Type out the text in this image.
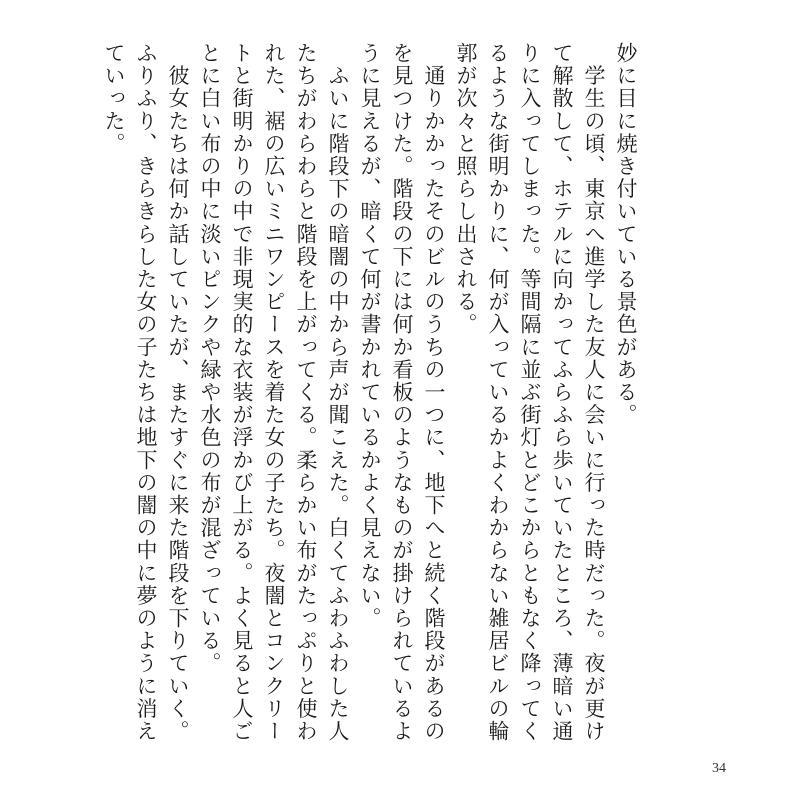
妙に目に焼き付いている景色がある。

　学生の頃、東京へ進学した友人に会いに行った時だった。夜が更けて解散して、ホテルに向かってふらふら歩いていたところ、薄暗い通りに入ってしまった。等間隔に並ぶ街灯とどこからともなく降ってくるような街明かりに、何が入っているかよくわからない雑居ビルの輪郭が次々と照らし出される。

　通りかかったそのビルのうちの一つに、地下へと続く階段があるのを見つけた。階段の下には何か看板のようなものが掛けられているように見えるが、暗くて何が書かれているかよく見えない。

　ふいに階段下の暗闇の中から声が聞こえた。白くてふわふわした人たちがわらわらと階段を上がってくる。柔らかい布がたっぷりと使われた、裾の広いミニワンピースを着た女の子たち。夜闇とコンクリートと街明かりの中で非現実的な衣装が浮かび上がる。よく見ると人ごとに白い布の中に淡いピンクや緑や水色の布が混ざっている。

　彼女たちは何か話していたが、またすぐに来た階段を下りていく。ふりふり、きらきらした女の子たちは地下の闇の中に夢のように消えていった。

34
